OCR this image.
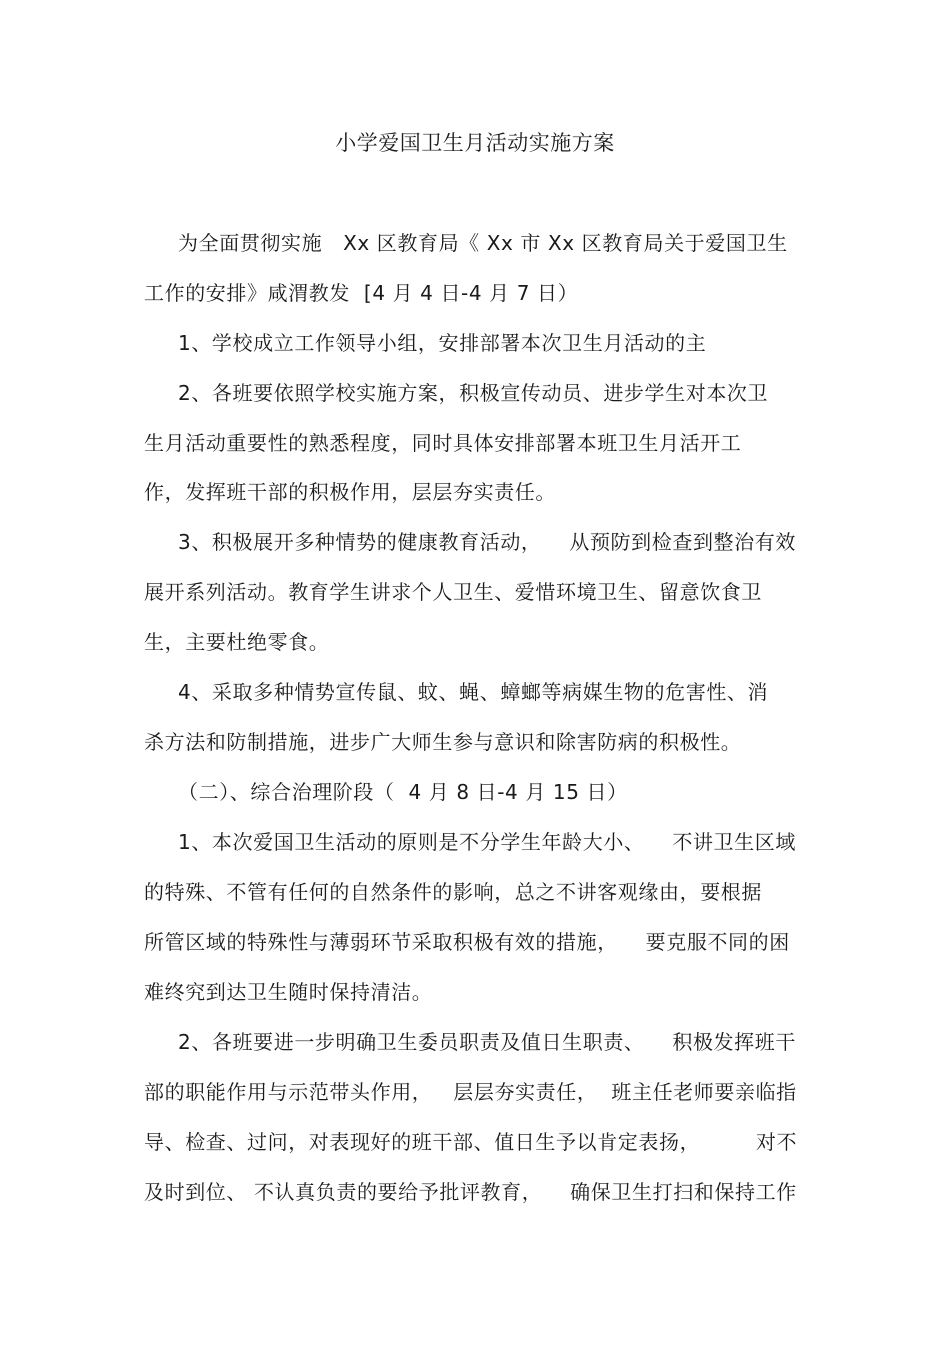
小学爱国卫生月活动实施方案
为全面贯彻实施   Xx 区教育局《 Xx 市 Xx 区教育局关于爱国卫生
工作的安排》咸渭教发  [4 月 4 日-4 月 7 日）
1、学校成立工作领导小组，安排部署本次卫生月活动的主
2、各班要依照学校实施方案，积极宣传动员、进步学生对本次卫
生月活动重要性的熟悉程度，同时具体安排部署本班卫生月活开工
作，发挥班干部的积极作用，层层夯实责任。
3、积极展开多种情势的健康教育活动，    从预防到检查到整治有效
展开系列活动。教育学生讲求个人卫生、爱惜环境卫生、留意饮食卫
生，主要杜绝零食。
4、采取多种情势宣传鼠、蚊、蝇、蟑螂等病媒生物的危害性、消
杀方法和防制措施，进步广大师生参与意识和除害防病的积极性。
（二）、综合治理阶段（  4 月 8 日-4 月 15 日）
1、本次爱国卫生活动的原则是不分学生年龄大小、    不讲卫生区域
的特殊、不管有任何的自然条件的影响，总之不讲客观缘由，要根据
所管区域的特殊性与薄弱环节采取积极有效的措施，    要克服不同的困
难终究到达卫生随时保持清洁。
2、各班要进一步明确卫生委员职责及值日生职责、    积极发挥班干
部的职能作用与示范带头作用，   层层夯实责任，  班主任老师要亲临指
导、检查、过问，对表现好的班干部、值日生予以肯定表扬，        对不
及时到位、 不认真负责的要给予批评教育，    确保卫生打扫和保持工作
